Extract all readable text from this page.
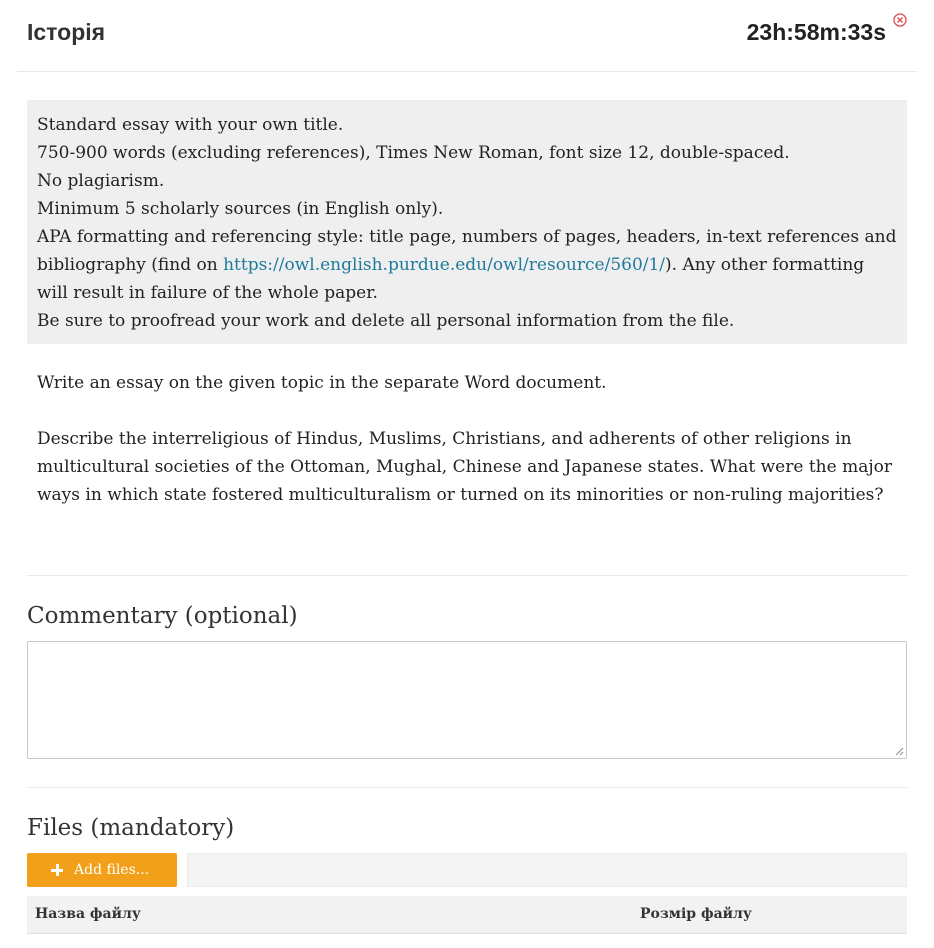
Історія	23h:58m:33s

Standard essay with your own title.

750-900 words (excluding references), Times New Roman, font size 12, double-spaced.

No plagiarism.

Minimum 5 scholarly sources (in English only).

APA formatting and referencing style: title page, numbers of pages, headers, in-text references and bibliography (find on https://owl.english.purdue.edu/owl/resource/560/1/). Any other formatting will result in failure of the whole paper.

Be sure to proofread your work and delete all personal information from the file.

Write an essay on the given topic in the separate Word document.

Describe the interreligious of Hindus, Muslims, Christians, and adherents of other religions in multicultural societies of the Ottoman, Mughal, Chinese and Japanese states. What were the major ways in which state fostered multiculturalism or turned on its minorities or non-ruling majorities?

Commentary (optional)
Files (mandatory)
Add files...
Назва файлу	Розмір файлу
